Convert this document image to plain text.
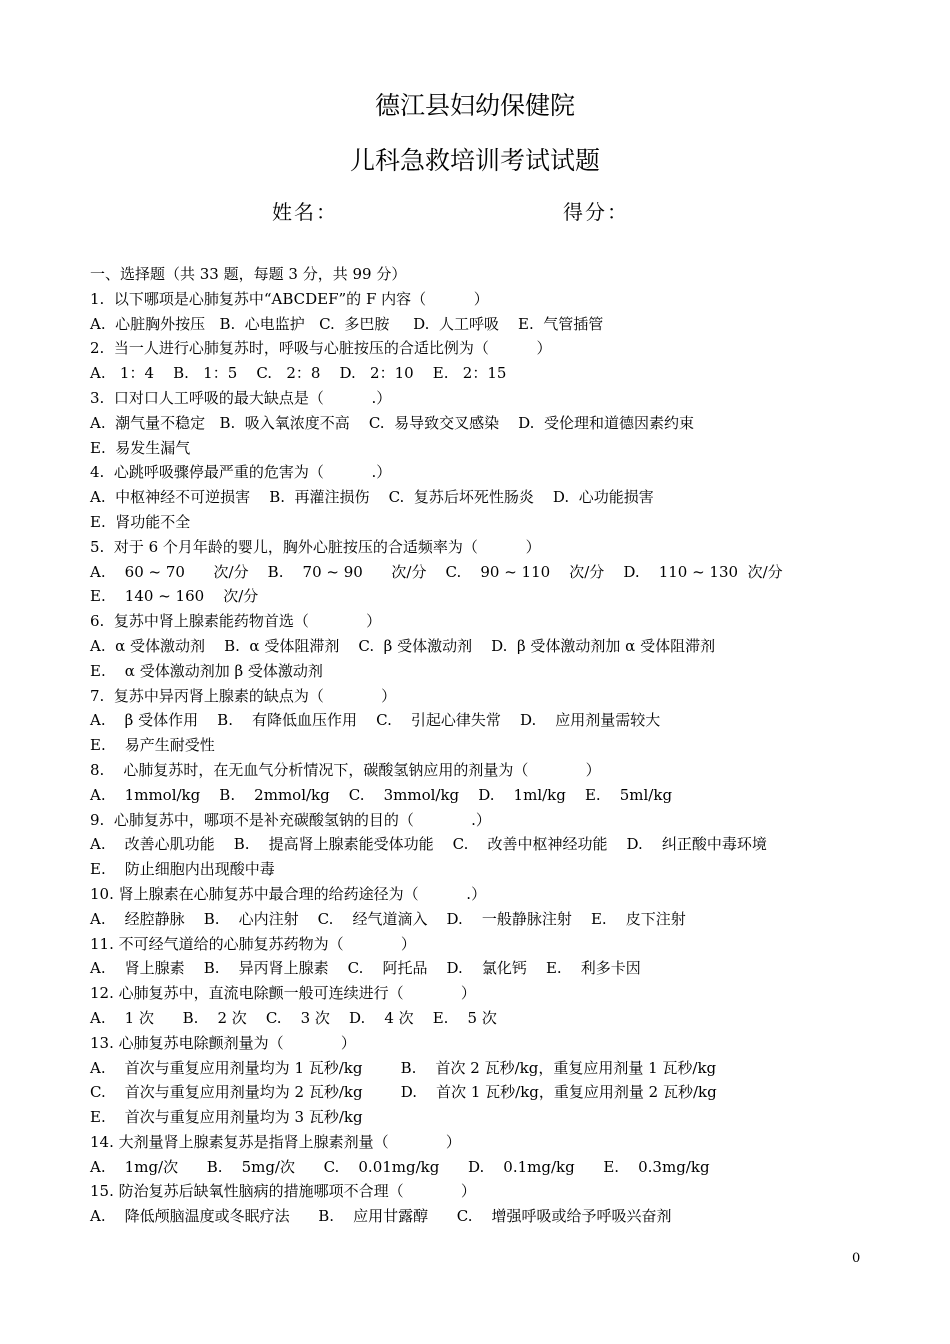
德江县妇幼保健院
儿科急救培训考试试题
姓名：	得分：
一、选择题（共 33 题，每题 3 分，共 99 分）
1.  以下哪项是心肺复苏中“ABCDEF”的 F 内容（          ）
A.  心脏胸外按压   B.  心电监护   C.  多巴胺     D.  人工呼吸    E.  气管插管
2.  当一人进行心肺复苏时，呼吸与心脏按压的合适比例为（          ）
A.   1：4    B.   1：5    C.   2：8    D.   2：10    E.   2：15
3.  口对口人工呼吸的最大缺点是（          .）
A.  潮气量不稳定   B.  吸入氧浓度不高    C.  易导致交叉感染    D.  受伦理和道德因素约束
E.  易发生漏气
4.  心跳呼吸骤停最严重的危害为（          .）
A.  中枢神经不可逆损害    B.  再灌注损伤    C.  复苏后坏死性肠炎    D.  心功能损害
E.  肾功能不全
5.  对于 6 个月年龄的婴儿，胸外心脏按压的合适频率为（          ）
A.    60 ~ 70      次/分    B.    70 ~ 90      次/分    C.    90 ~ 110    次/分    D.    110 ~ 130  次/分
E.    140 ~ 160    次/分
6.  复苏中肾上腺素能药物首选（            ）
A.  α 受体激动剂    B.  α 受体阻滞剂    C.  β 受体激动剂    D.  β 受体激动剂加 α 受体阻滞剂
E.    α 受体激动剂加 β 受体激动剂
7.  复苏中异丙肾上腺素的缺点为（            ）
A.    β 受体作用    B.    有降低血压作用    C.    引起心律失常    D.    应用剂量需较大
E.    易产生耐受性
8.    心肺复苏时，在无血气分析情况下，碳酸氢钠应用的剂量为（            ）
A.    1mmol/kg    B.    2mmol/kg    C.    3mmol/kg    D.    1ml/kg    E.    5ml/kg
9.  心肺复苏中，哪项不是补充碳酸氢钠的目的（            .）
A.    改善心肌功能    B.    提高肾上腺素能受体功能    C.    改善中枢神经功能    D.    纠正酸中毒环境
E.    防止细胞内出现酸中毒
10. 肾上腺素在心肺复苏中最合理的给药途径为（          .）
A.    经腔静脉    B.    心内注射    C.    经气道滴入    D.    一般静脉注射    E.    皮下注射
11. 不可经气道给的心肺复苏药物为（            ）
A.    肾上腺素    B.    异丙肾上腺素    C.    阿托品    D.    氯化钙    E.    利多卡因
12. 心肺复苏中，直流电除颤一般可连续进行（            ）
A.    1 次      B.    2 次    C.    3 次    D.    4 次    E.    5 次
13. 心肺复苏电除颤剂量为（            ）
A.    首次与重复应用剂量均为 1 瓦秒/kg        B.    首次 2 瓦秒/kg，重复应用剂量 1 瓦秒/kg
C.    首次与重复应用剂量均为 2 瓦秒/kg        D.    首次 1 瓦秒/kg，重复应用剂量 2 瓦秒/kg
E.    首次与重复应用剂量均为 3 瓦秒/kg
14. 大剂量肾上腺素复苏是指肾上腺素剂量（            ）
A.    1mg/次      B.    5mg/次      C.    0.01mg/kg      D.    0.1mg/kg      E.    0.3mg/kg
15. 防治复苏后缺氧性脑病的措施哪项不合理（            ）
A.    降低颅脑温度或冬眠疗法      B.    应用甘露醇      C.    增强呼吸或给予呼吸兴奋剂
0
